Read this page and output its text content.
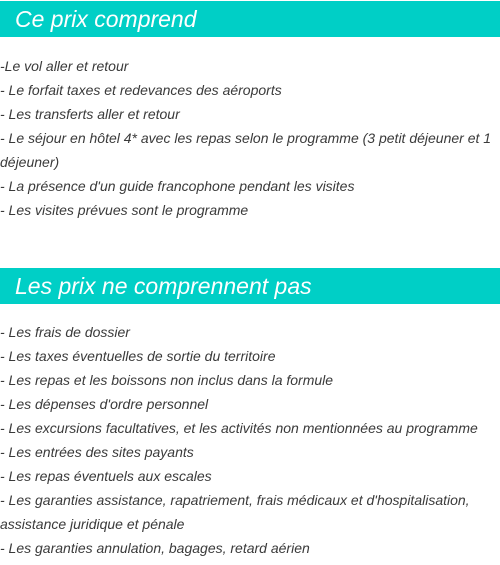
Ce prix comprend
-Le vol aller et retour
- Le forfait taxes et redevances des aéroports
- Les transferts aller et retour
- Le séjour en hôtel 4* avec les repas selon le programme (3 petit déjeuner et 1 déjeuner)
- La présence d'un guide francophone pendant les visites
- Les visites prévues sont le programme
Les prix ne comprennent pas
- Les frais de dossier
- Les taxes éventuelles de sortie du territoire
- Les repas et les boissons non inclus dans la formule
- Les dépenses d'ordre personnel
- Les excursions facultatives, et les activités non mentionnées au programme
- Les entrées des sites payants
- Les repas éventuels aux escales
- Les garanties assistance, rapatriement, frais médicaux et d'hospitalisation, assistance juridique et pénale
- Les garanties annulation, bagages, retard aérien
